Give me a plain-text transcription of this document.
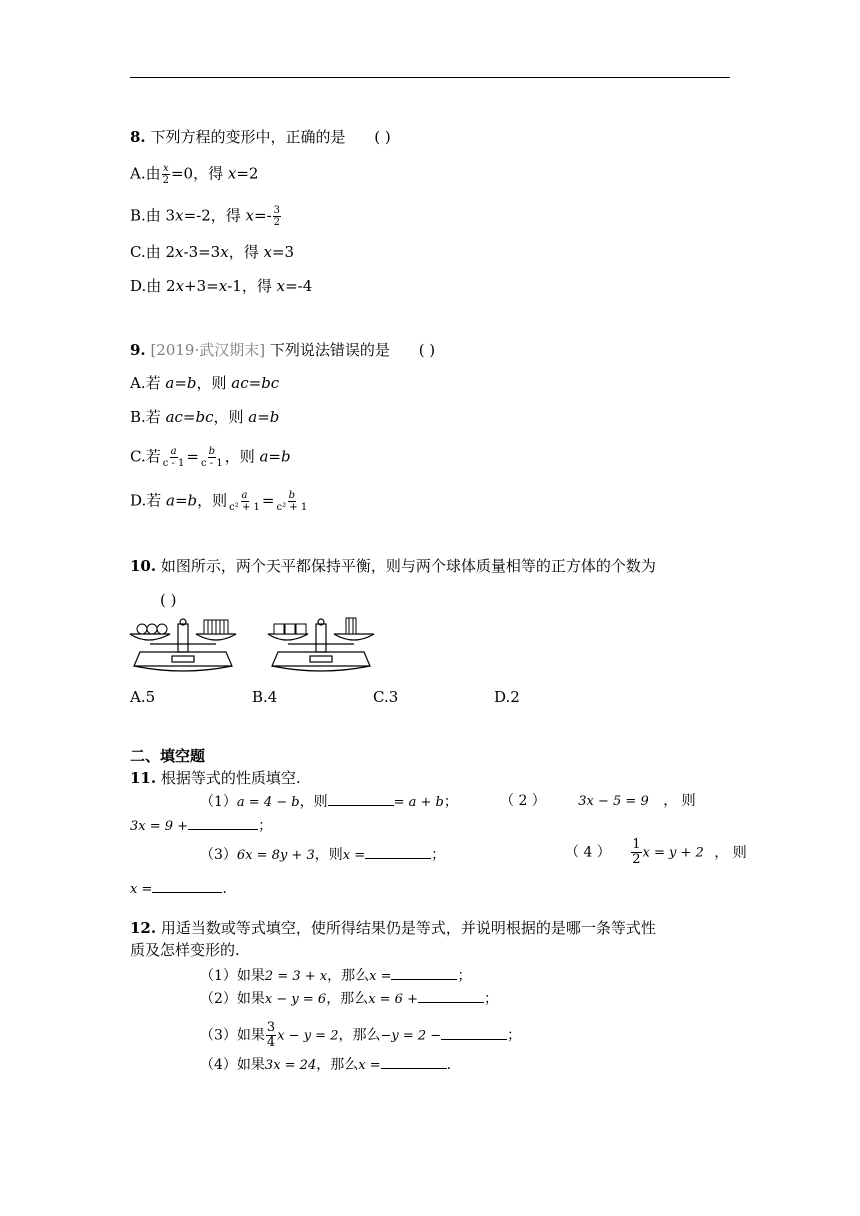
8. 下列方程的变形中，正确的是 ( )
A.由 $\frac{x}{2} =0$，得 x=2
B.由 3x=-2，得 $x=- \frac{3}{2}$
C.由 2x-3=3x，得 x=3
D.由 2x+3=x-1，得 x=-4
9. [2019·武汉期末] 下列说法错误的是 ( )
A.若 a=b，则 ac=bc
B.若 ac=bc，则 a=b
C.若 $\frac{a}{c - 1} = \frac{b}{c - 1}$ ，则 a=b
D.若 a=b，则 $\frac{a}{\text{c² + 1}} = \frac{b}{\text{c² + 1}}$
10. 如图所示，两个天平都保持平衡，则与两个球体质量相等的正方体的个数为
( )
A.5	B.4	C.3	D.2
二、填空题
11. 根据等式的性质填空.
（1）a = 4 − b，则	= a + b；	（ 2 ） 3x − 5 = 9 ， 则
3x = 9 +	；
（3）6x = 8y + 3，则x =	；	（ 4 ） $\frac{1}{2}$ x = y + 2 ， 则
x =	.
12. 用适当数或等式填空，使所得结果仍是等式，并说明根据的是哪一条等式性
质及怎样变形的.
（1）如果2 = 3 + x，那么x =	；
（2）如果x − y = 6，那么x = 6 +	；
（3）如果 $\frac{3}{4}$ x − y = 2，那么−y = 2 −	；
（4）如果3x = 24，那么x =	.
